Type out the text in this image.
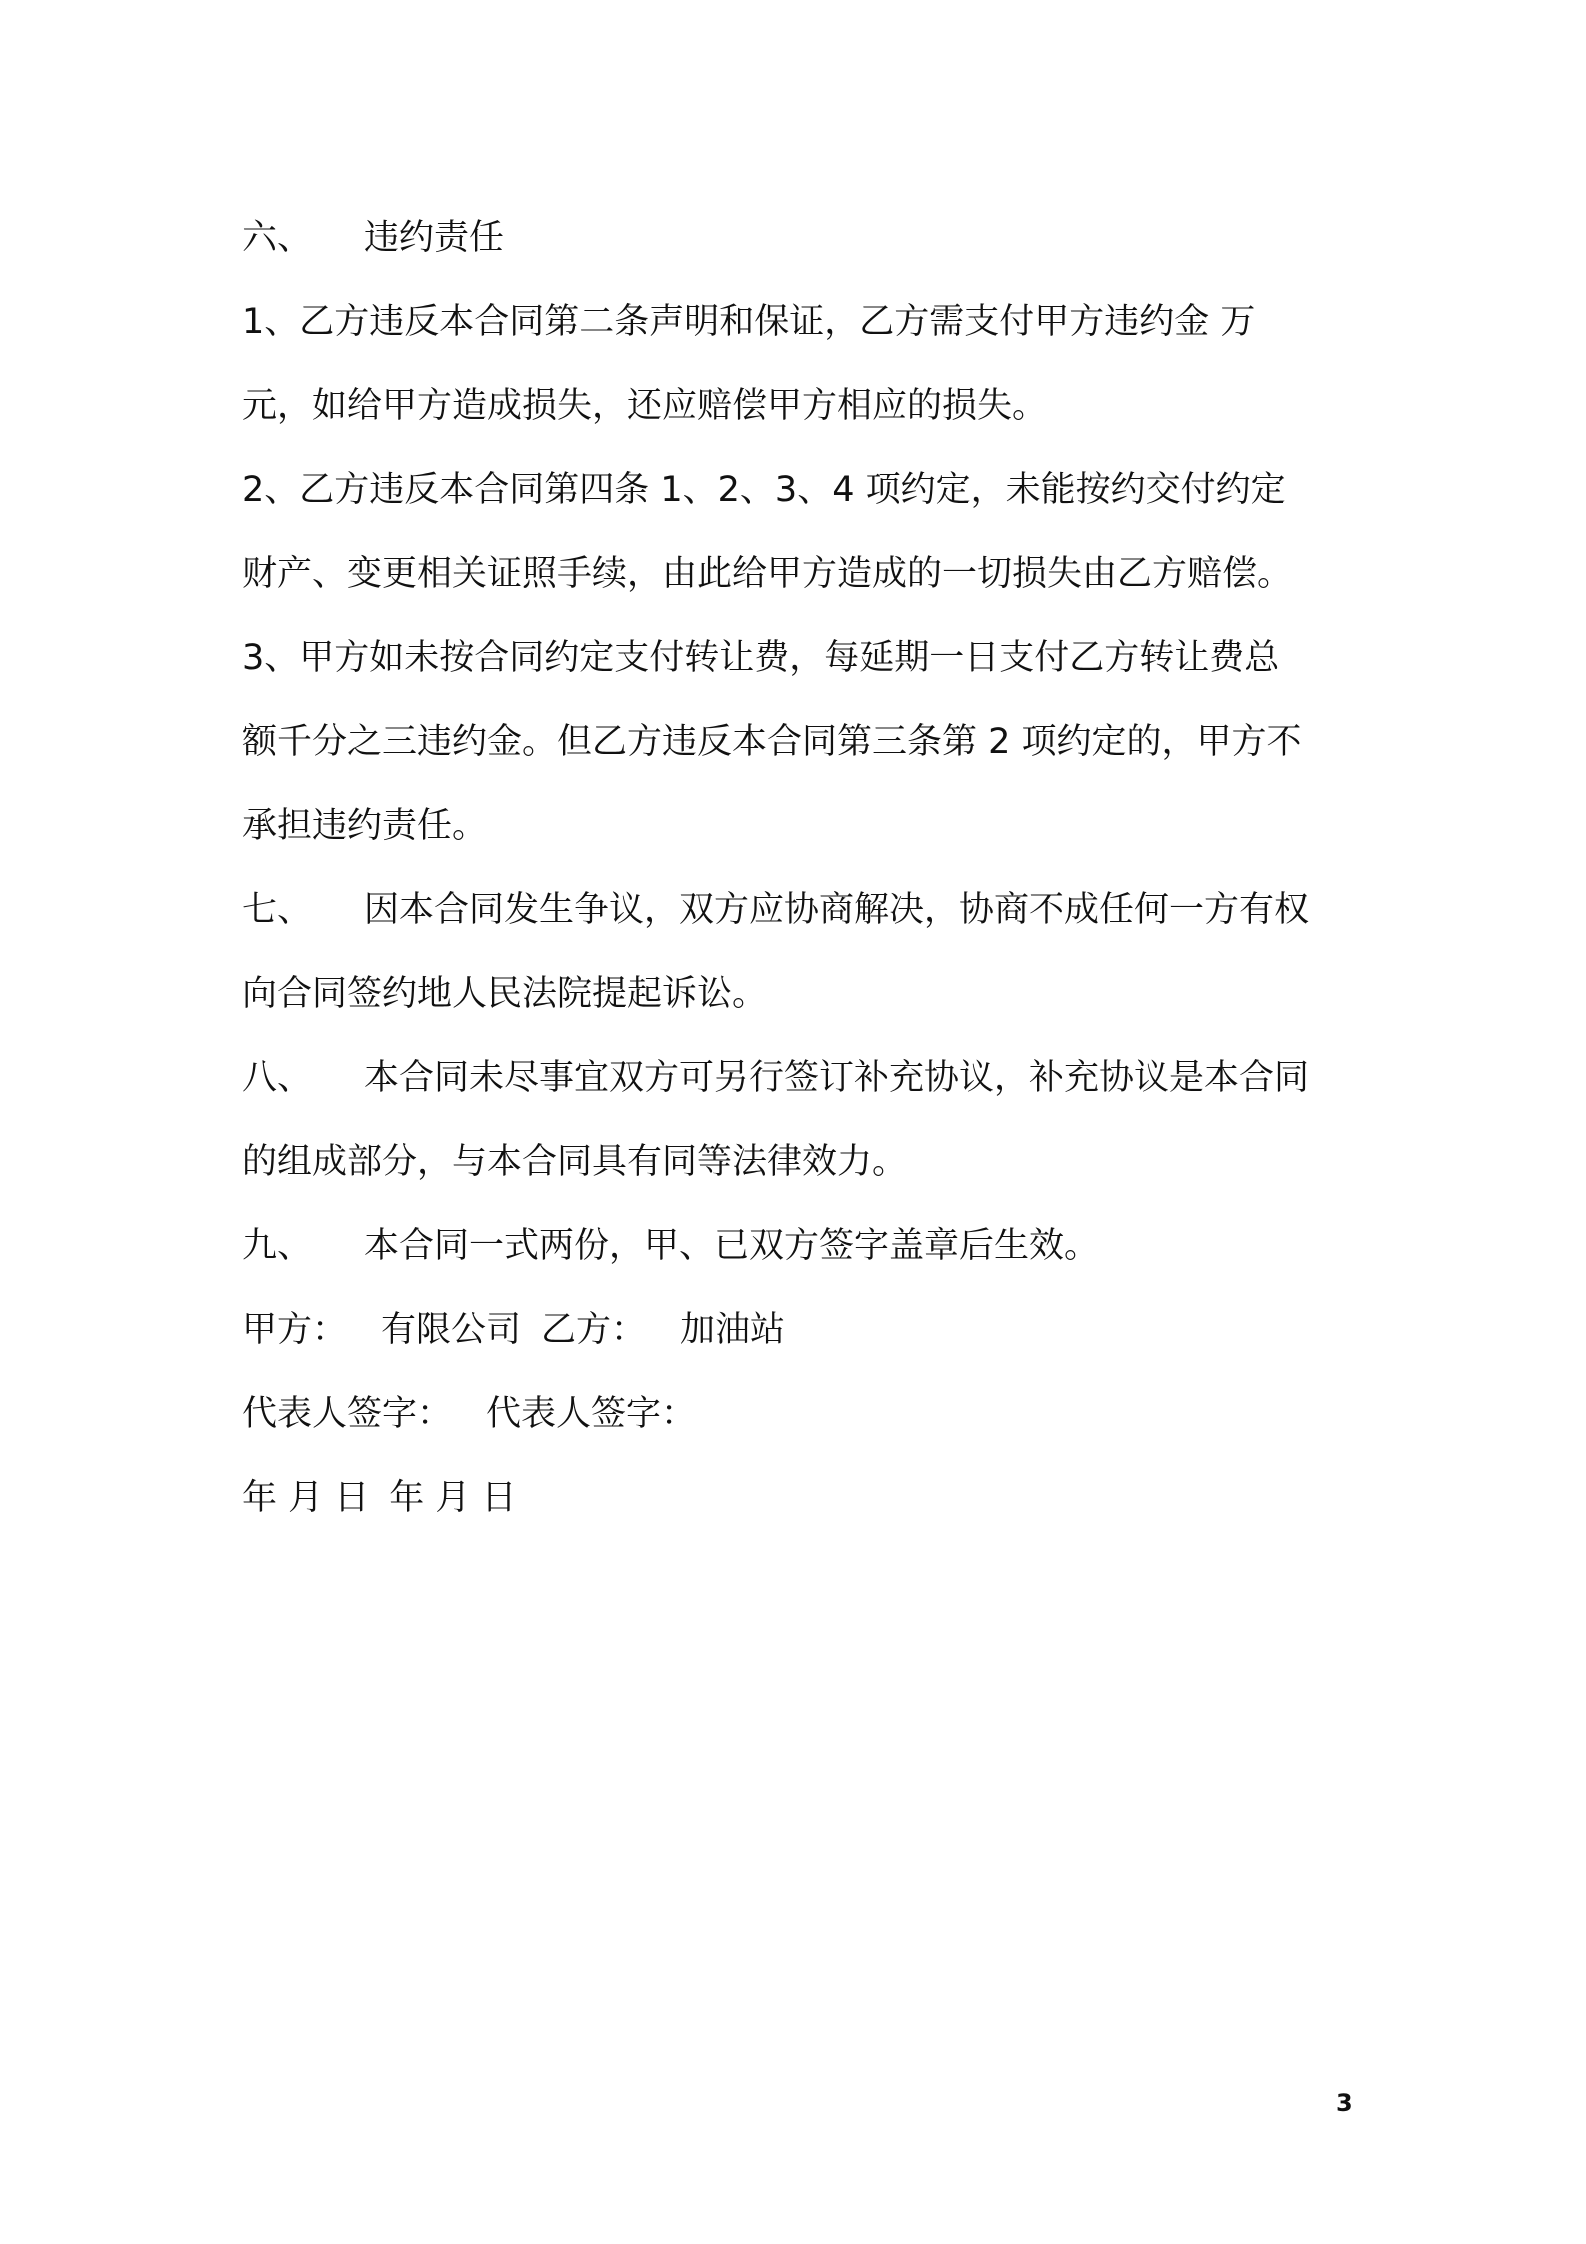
六、 违约责任
1、乙方违反本合同第二条声明和保证，乙方需支付甲方违约金 万
元，如给甲方造成损失，还应赔偿甲方相应的损失。
2、乙方违反本合同第四条 1、2、3、4 项约定，未能按约交付约定
财产、变更相关证照手续，由此给甲方造成的一切损失由乙方赔偿。
3、甲方如未按合同约定支付转让费，每延期一日支付乙方转让费总
额千分之三违约金。但乙方违反本合同第三条第 2 项约定的，甲方不
承担违约责任。
七、 因本合同发生争议，双方应协商解决，协商不成任何一方有权
向合同签约地人民法院提起诉讼。
八、 本合同未尽事宜双方可另行签订补充协议，补充协议是本合同
的组成部分，与本合同具有同等法律效力。
九、 本合同一式两份，甲、已双方签字盖章后生效。
甲方： 有限公司 乙方： 加油站
代表人签字： 代表人签字：
年 月 日 年 月 日
3
